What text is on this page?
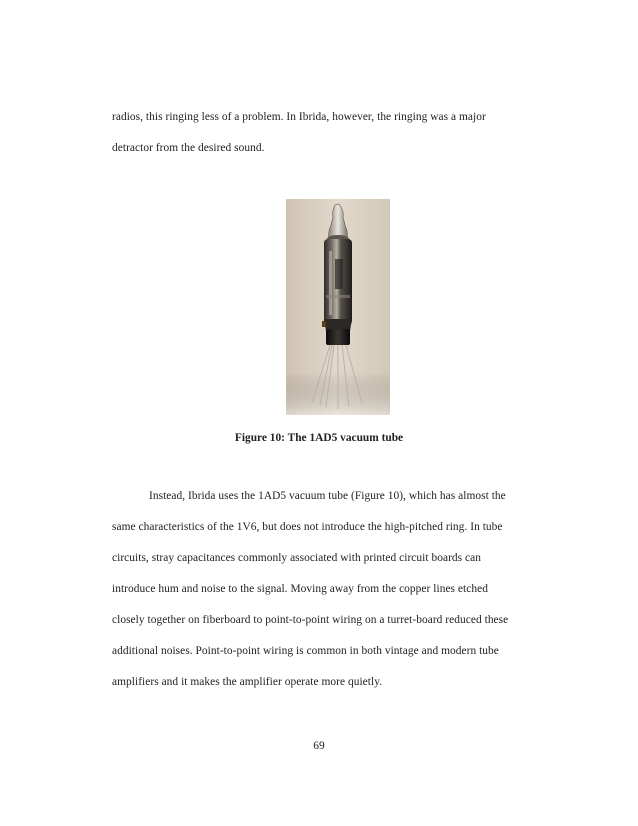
radios, this ringing less of a problem. In Ibrida, however, the ringing was a major
detractor from the desired sound.
Figure 10: The 1AD5 vacuum tube
Instead, Ibrida uses the 1AD5 vacuum tube (Figure 10), which has almost the
same characteristics of the 1V6, but does not introduce the high-pitched ring. In tube
circuits, stray capacitances commonly associated with printed circuit boards can
introduce hum and noise to the signal. Moving away from the copper lines etched
closely together on fiberboard to point-to-point wiring on a turret-board reduced these
additional noises. Point-to-point wiring is common in both vintage and modern tube
amplifiers and it makes the amplifier operate more quietly.
69
